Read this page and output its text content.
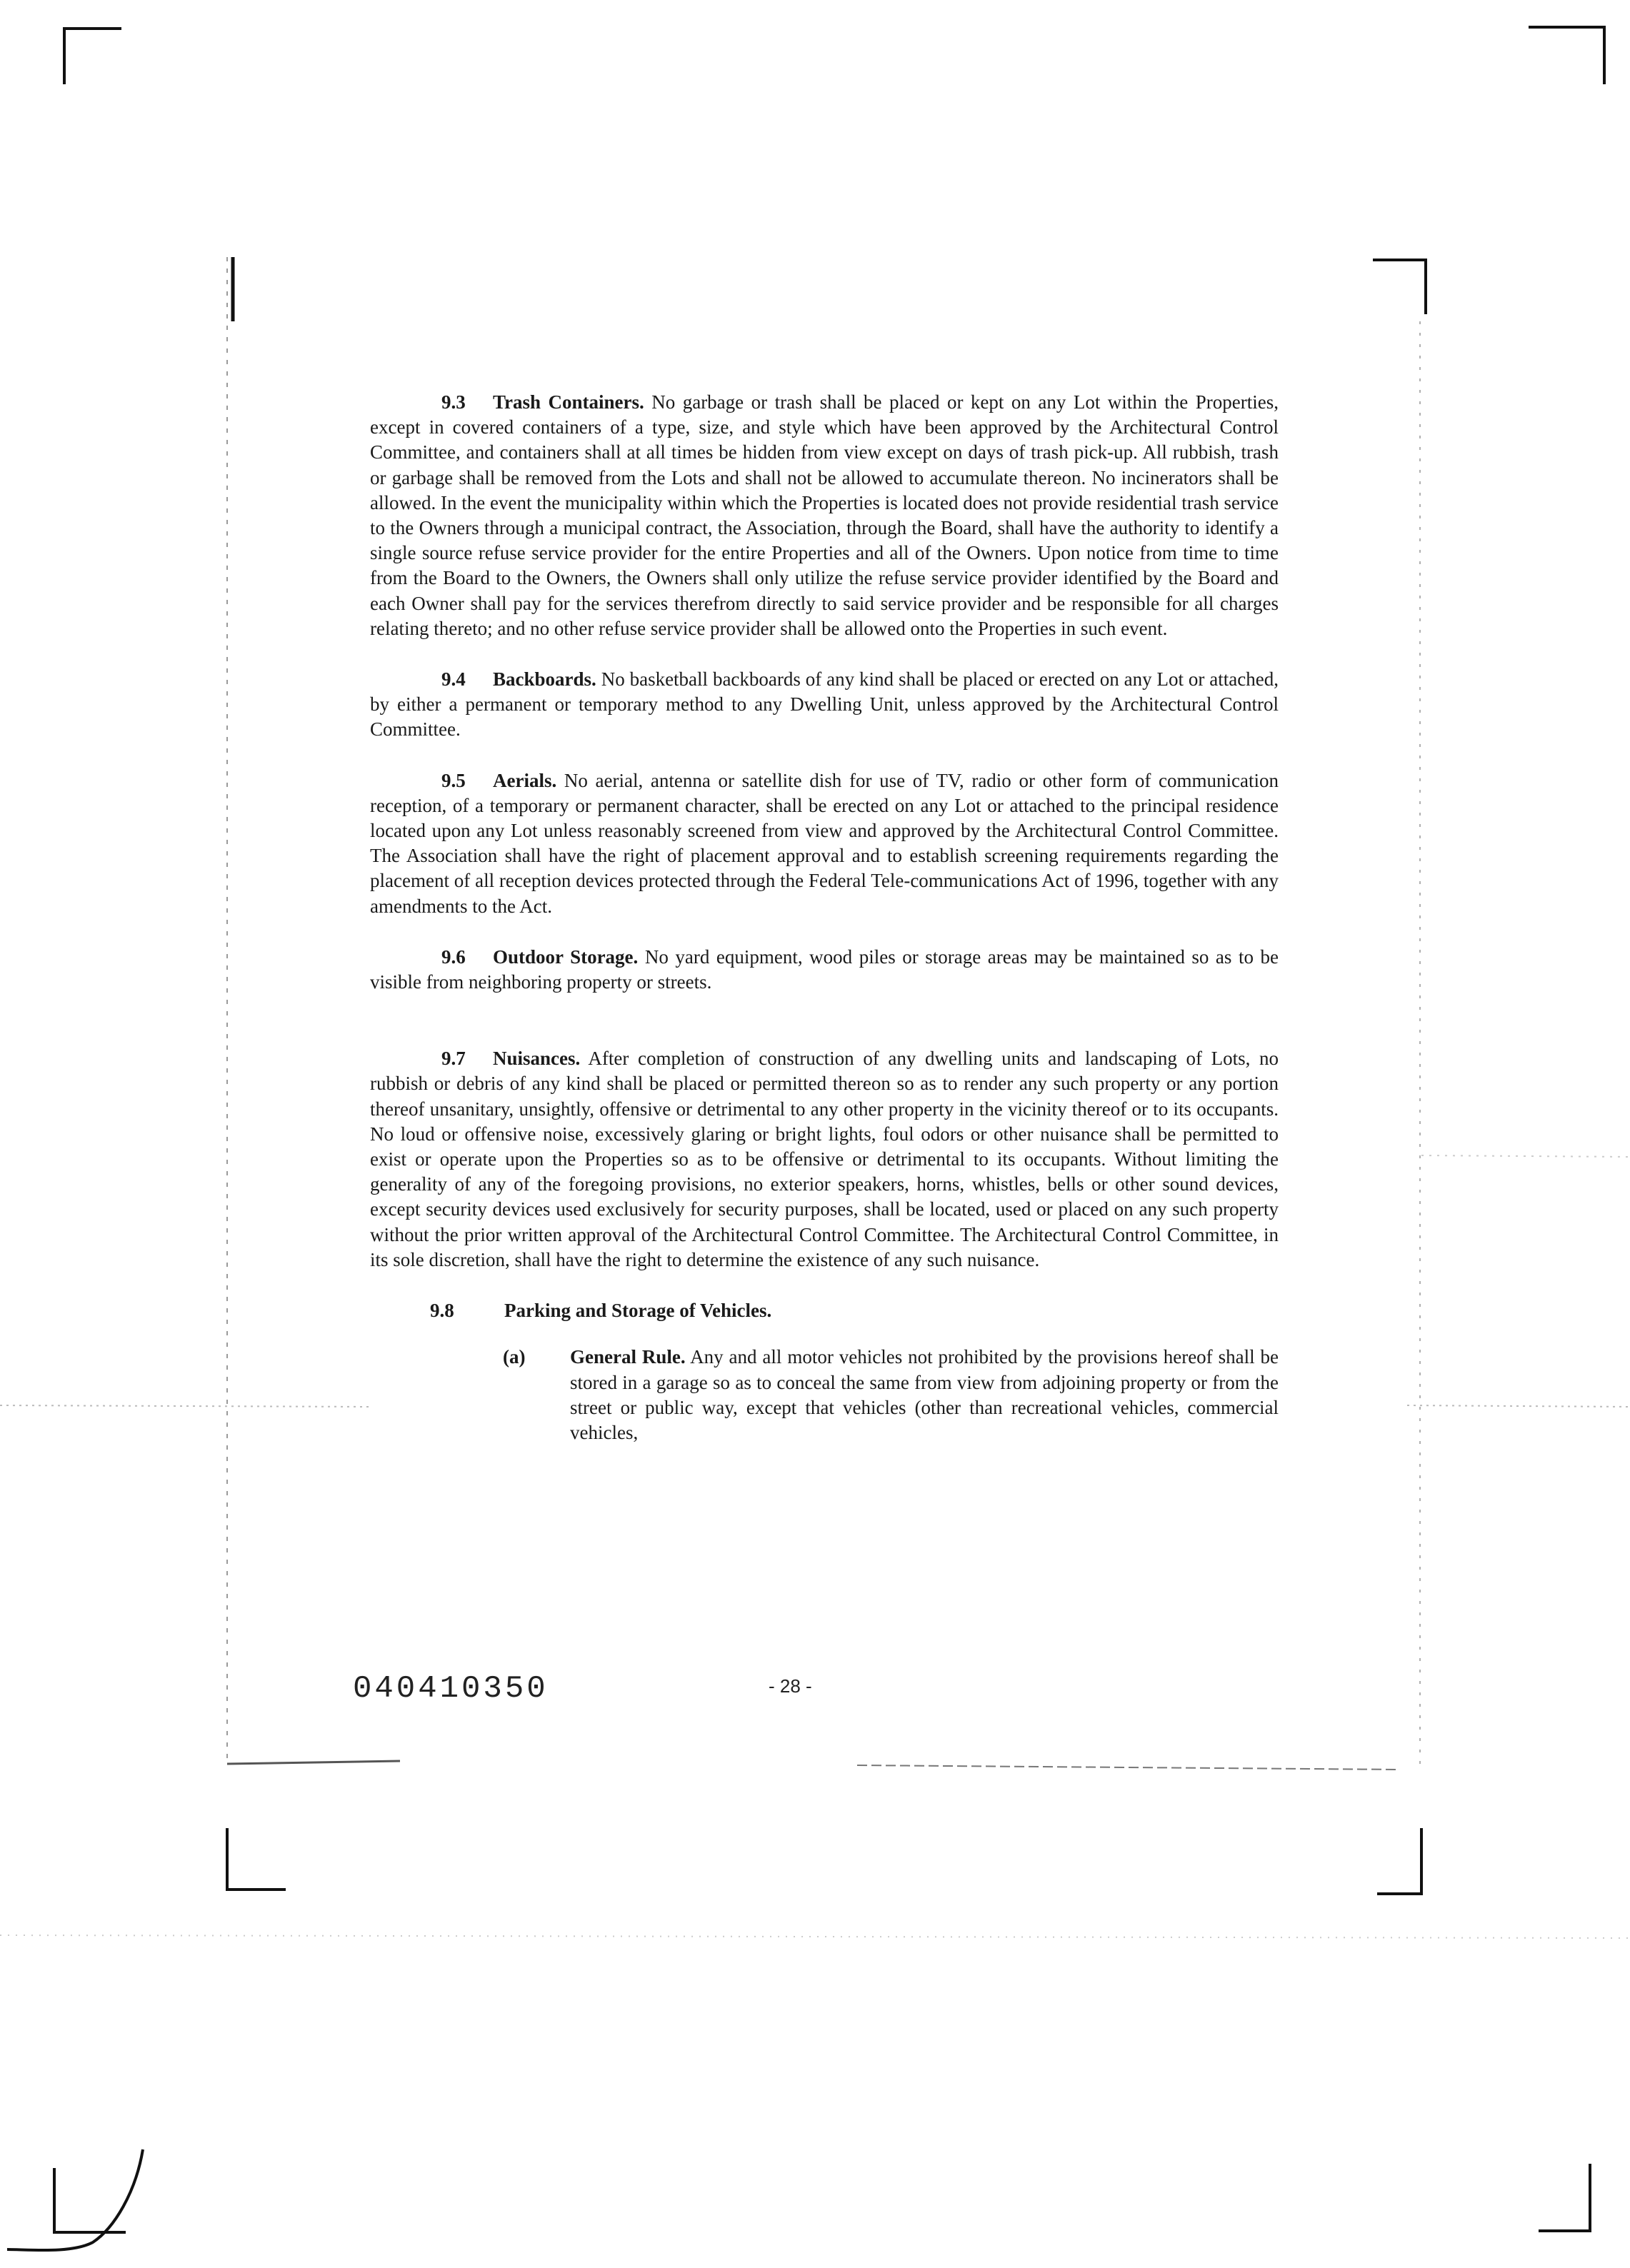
9.3 Trash Containers. No garbage or trash shall be placed or kept on any Lot within the Properties, except in covered containers of a type, size, and style which have been approved by the Architectural Control Committee, and containers shall at all times be hidden from view except on days of trash pick-up. All rubbish, trash or garbage shall be removed from the Lots and shall not be allowed to accumulate thereon. No incinerators shall be allowed. In the event the municipality within which the Properties is located does not provide residential trash service to the Owners through a municipal contract, the Association, through the Board, shall have the authority to identify a single source refuse service provider for the entire Properties and all of the Owners. Upon notice from time to time from the Board to the Owners, the Owners shall only utilize the refuse service provider identified by the Board and each Owner shall pay for the services therefrom directly to said service provider and be responsible for all charges relating thereto; and no other refuse service provider shall be allowed onto the Properties in such event.

9.4 Backboards. No basketball backboards of any kind shall be placed or erected on any Lot or attached, by either a permanent or temporary method to any Dwelling Unit, unless approved by the Architectural Control Committee.

9.5 Aerials. No aerial, antenna or satellite dish for use of TV, radio or other form of communication reception, of a temporary or permanent character, shall be erected on any Lot or attached to the principal residence located upon any Lot unless reasonably screened from view and approved by the Architectural Control Committee. The Association shall have the right of placement approval and to establish screening requirements regarding the placement of all reception devices protected through the Federal Tele-communications Act of 1996, together with any amendments to the Act.

9.6 Outdoor Storage. No yard equipment, wood piles or storage areas may be maintained so as to be visible from neighboring property or streets.

9.7 Nuisances. After completion of construction of any dwelling units and landscaping of Lots, no rubbish or debris of any kind shall be placed or permitted thereon so as to render any such property or any portion thereof unsanitary, unsightly, offensive or detrimental to any other property in the vicinity thereof or to its occupants. No loud or offensive noise, excessively glaring or bright lights, foul odors or other nuisance shall be permitted to exist or operate upon the Properties so as to be offensive or detrimental to its occupants. Without limiting the generality of any of the foregoing provisions, no exterior speakers, horns, whistles, bells or other sound devices, except security devices used exclusively for security purposes, shall be located, used or placed on any such property without the prior written approval of the Architectural Control Committee. The Architectural Control Committee, in its sole discretion, shall have the right to determine the existence of any such nuisance.

9.8	Parking and Storage of Vehicles.

(a) General Rule. Any and all motor vehicles not prohibited by the provisions hereof shall be stored in a garage so as to conceal the same from view from adjoining property or from the street or public way, except that vehicles (other than recreational vehicles, commercial vehicles,

040410350	- 28 -
